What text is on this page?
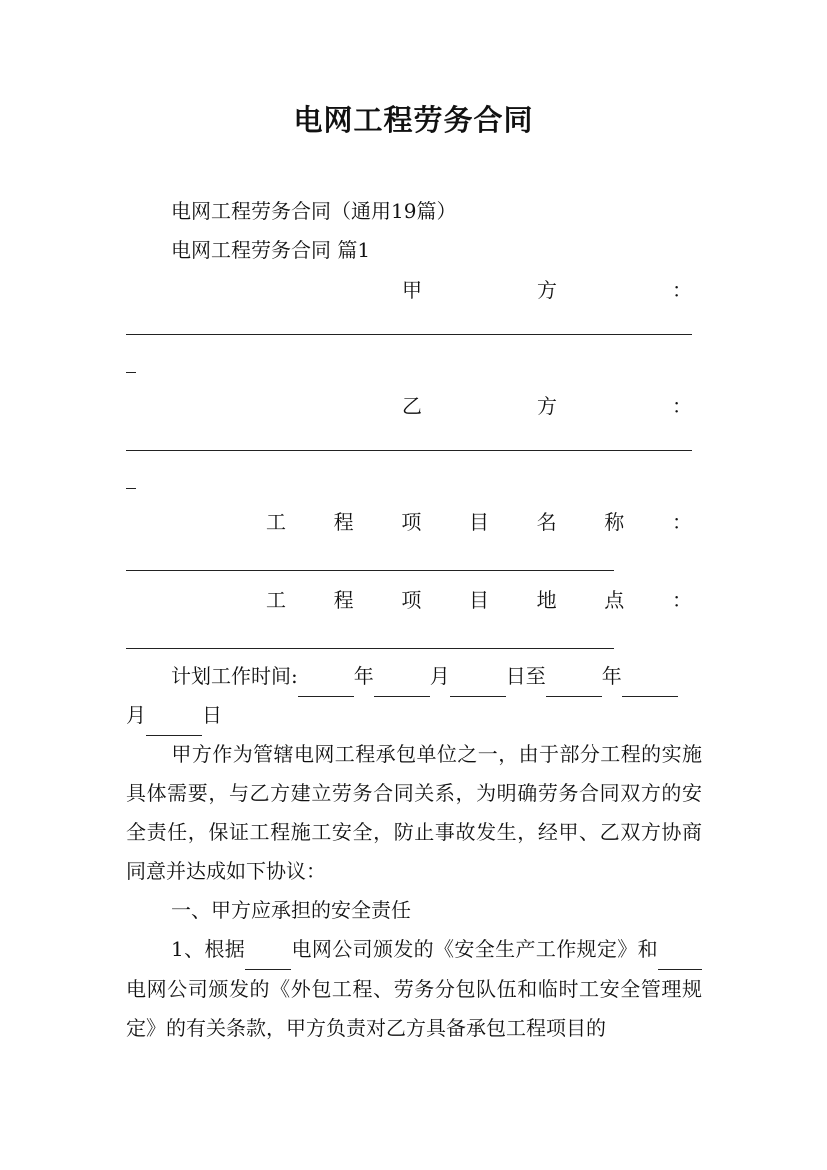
电网工程劳务合同
电网工程劳务合同（通用19篇）
电网工程劳务合同 篇1
甲	方	：
乙	方	：
工 程 项 目 名 称 ：
工 程 项 目 地 点 ：
计划工作时间:	年	月	日至	年
月	日
甲方作为管辖电网工程承包单位之一，由于部分工程的实施具体需要，与乙方建立劳务合同关系，为明确劳务合同双方的安全责任，保证工程施工安全，防止事故发生，经甲、乙双方协商同意并达成如下协议：
一、甲方应承担的安全责任
1、根据 电网公司颁发的《安全生产工作规定》和电网公司颁发的《外包工程、劳务分包队伍和临时工安全管理规定》的有关条款，甲方负责对乙方具备承包工程项目的
